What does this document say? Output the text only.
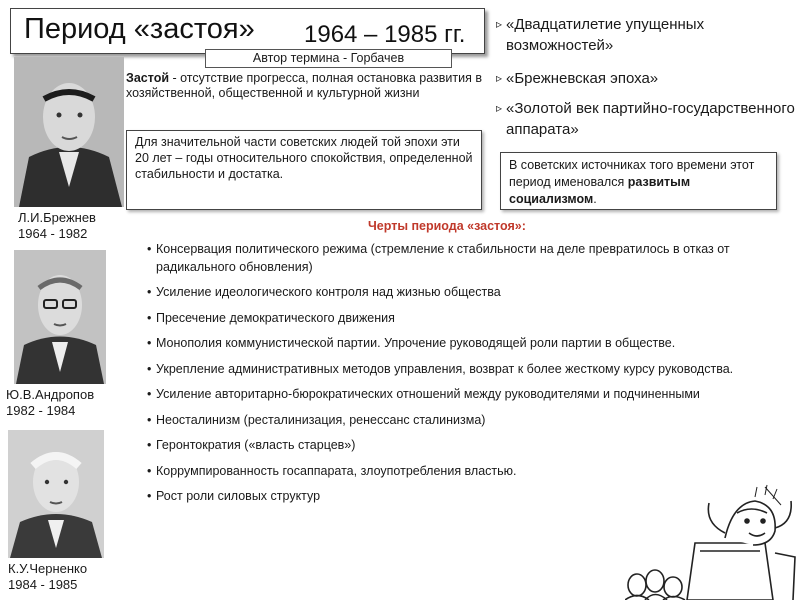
Период «застоя» 1964 – 1985 гг.
Автор термина - Горбачев
Застой - отсутствие прогресса, полная остановка развития в хозяйственной, общественной и культурной жизни
Для значительной части советских людей той эпохи эти 20 лет – годы относительного спокойствия, определенной стабильности и достатка.
▹ «Двадцатилетие упущенных возможностей»
▹ «Брежневская эпоха»
▹ «Золотой век партийно-государственного аппарата»
В советских источниках того времени этот период именовался развитым социализмом.
Л.И.Брежнев
1964 - 1982
Ю.В.Андропов
1982 - 1984
К.У.Черненко
1984 - 1985
Черты периода «застоя»:
• Консервация политического режима (стремление к стабильности на деле превратилось в отказ от радикального обновления)
• Усиление идеологического контроля над жизнью общества
• Пресечение демократического движения
• Монополия коммунистической партии. Упрочение руководящей роли партии в обществе.
• Укрепление административных методов управления, возврат к более жесткому курсу руководства.
• Усиление авторитарно-бюрократических отношений между руководителями и подчиненными
• Неосталинизм (реcталинизация, ренессанс сталинизма)
• Геронтократия («власть старцев»)
• Коррумпированность госаппарата, злоупотребления властью.
• Рост роли силовых структур
